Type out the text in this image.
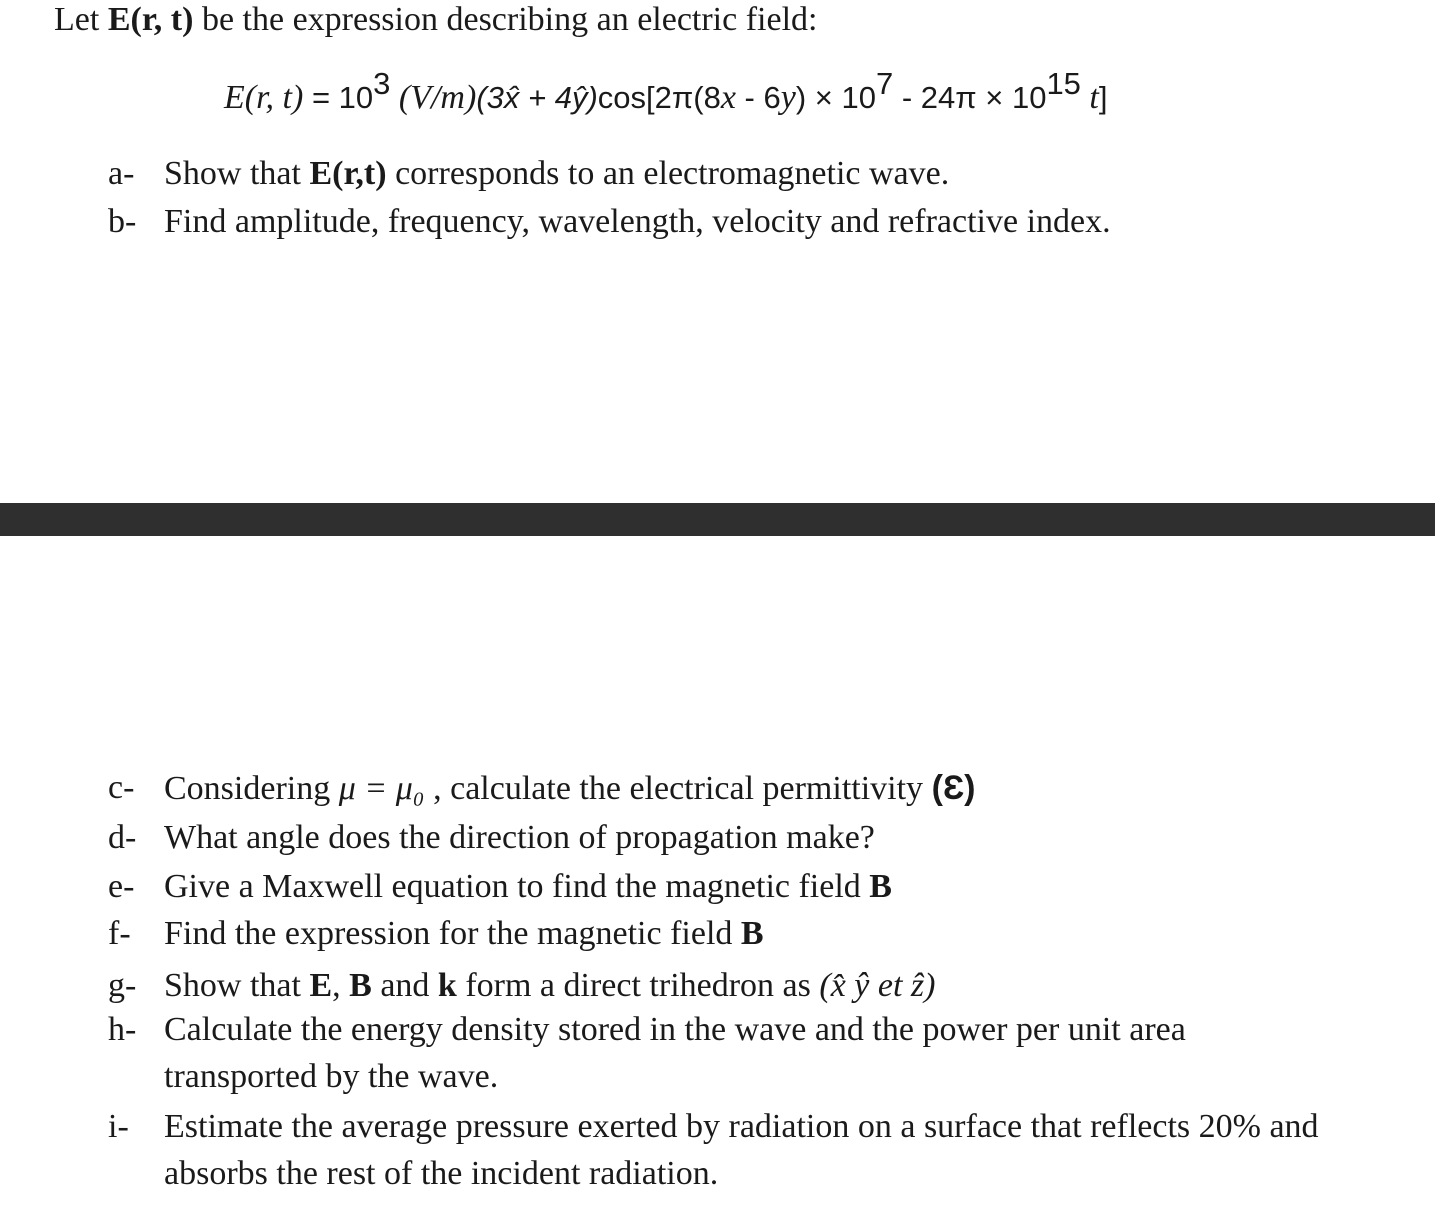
Let E(r, t) be the expression describing an electric field:
E(r, $t) = 10^3$ (V/m)(3x̂ + 4ŷ)cos[2π(8x - $6y) \times 10^7 - 24\pi \times 10^{15}$ t]
a- Show that E(r,t) corresponds to an electromagnetic wave.
b- Find amplitude, frequency, wavelength, velocity and refractive index.
c- Considering μ = μ₀ , calculate the electrical permittivity (Ɛ)
d- What angle does the direction of propagation make?
e- Give a Maxwell equation to find the magnetic field B
f- Find the expression for the magnetic field B
g- Show that E, B and k form a direct trihedron as (x̂ ŷ et ẑ)
h- Calculate the energy density stored in the wave and the power per unit area
transported by the wave.
i- Estimate the average pressure exerted by radiation on a surface that reflects 20% and
absorbs the rest of the incident radiation.
